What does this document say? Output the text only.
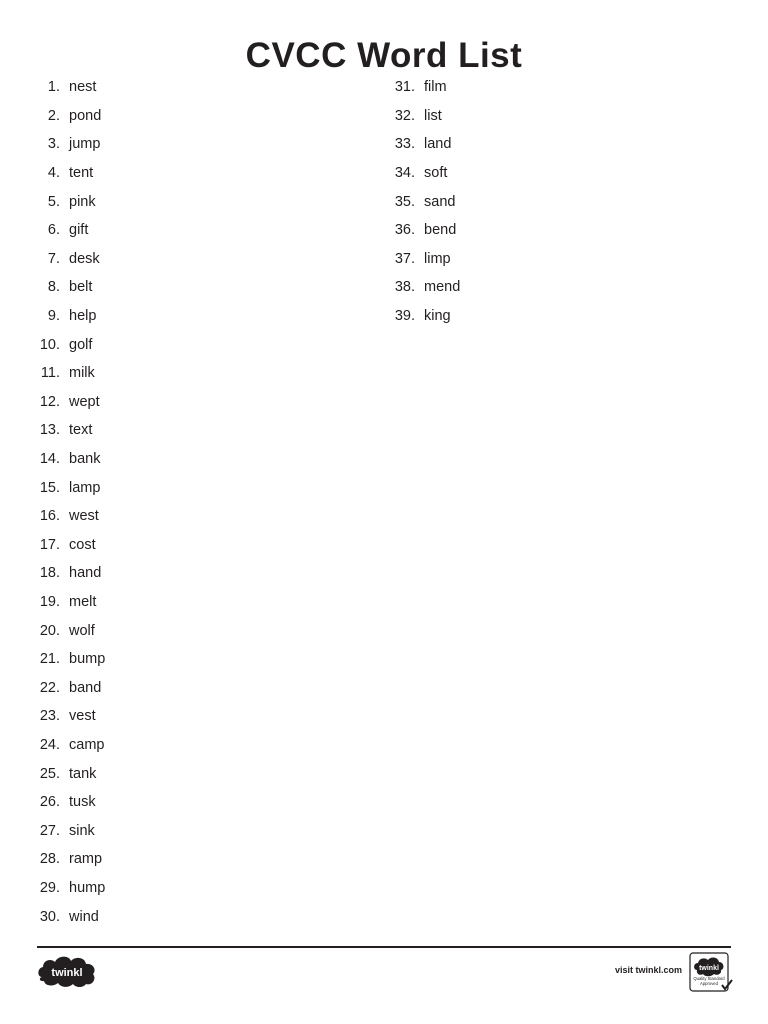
CVCC Word List
1. nest
2. pond
3. jump
4. tent
5. pink
6. gift
7. desk
8. belt
9. help
10. golf
11. milk
12. wept
13. text
14. bank
15. lamp
16. west
17. cost
18. hand
19. melt
20. wolf
21. bump
22. band
23. vest
24. camp
25. tank
26. tusk
27. sink
28. ramp
29. hump
30. wind
31. film
32. list
33. land
34. soft
35. sand
36. bend
37. limp
38. mend
39. king
twinkl	visit twinkl.com twinkl
Quality Standard
Approved
